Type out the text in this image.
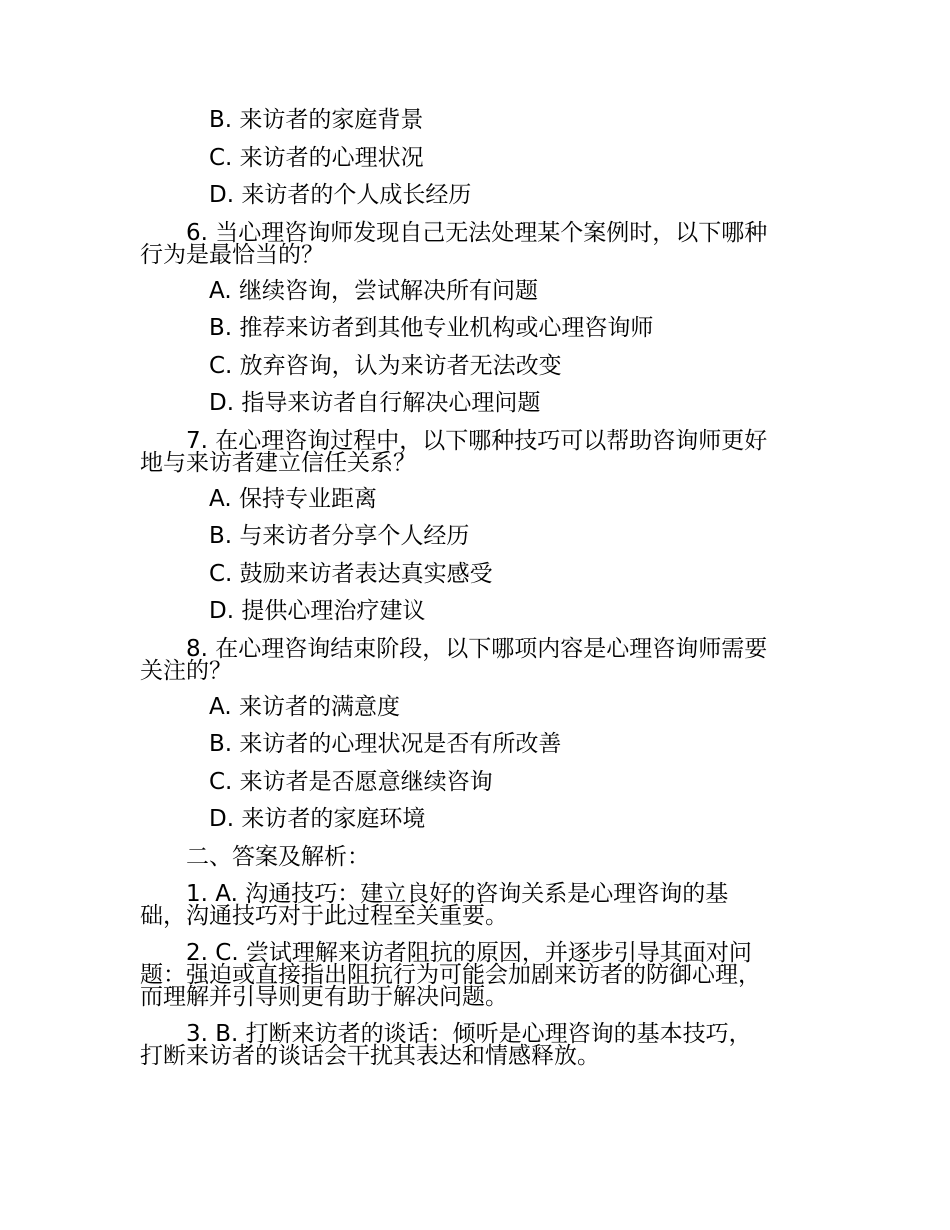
B. 来访者的家庭背景

C. 来访者的心理状况

D. 来访者的个人成长经历

6. 当心理咨询师发现自己无法处理某个案例时，以下哪种

行为是最恰当的？

A. 继续咨询，尝试解决所有问题

B. 推荐来访者到其他专业机构或心理咨询师

C. 放弃咨询，认为来访者无法改变

D. 指导来访者自行解决心理问题

7. 在心理咨询过程中，以下哪种技巧可以帮助咨询师更好

地与来访者建立信任关系？

A. 保持专业距离

B. 与来访者分享个人经历

C. 鼓励来访者表达真实感受

D. 提供心理治疗建议

8. 在心理咨询结束阶段，以下哪项内容是心理咨询师需要

关注的？

A. 来访者的满意度

B. 来访者的心理状况是否有所改善

C. 来访者是否愿意继续咨询

D. 来访者的家庭环境

二、答案及解析：

1. A. 沟通技巧：建立良好的咨询关系是心理咨询的基

础，沟通技巧对于此过程至关重要。

2. C. 尝试理解来访者阻抗的原因，并逐步引导其面对问

题：强迫或直接指出阻抗行为可能会加剧来访者的防御心理，

而理解并引导则更有助于解决问题。

3. B. 打断来访者的谈话：倾听是心理咨询的基本技巧，

打断来访者的谈话会干扰其表达和情感释放。
